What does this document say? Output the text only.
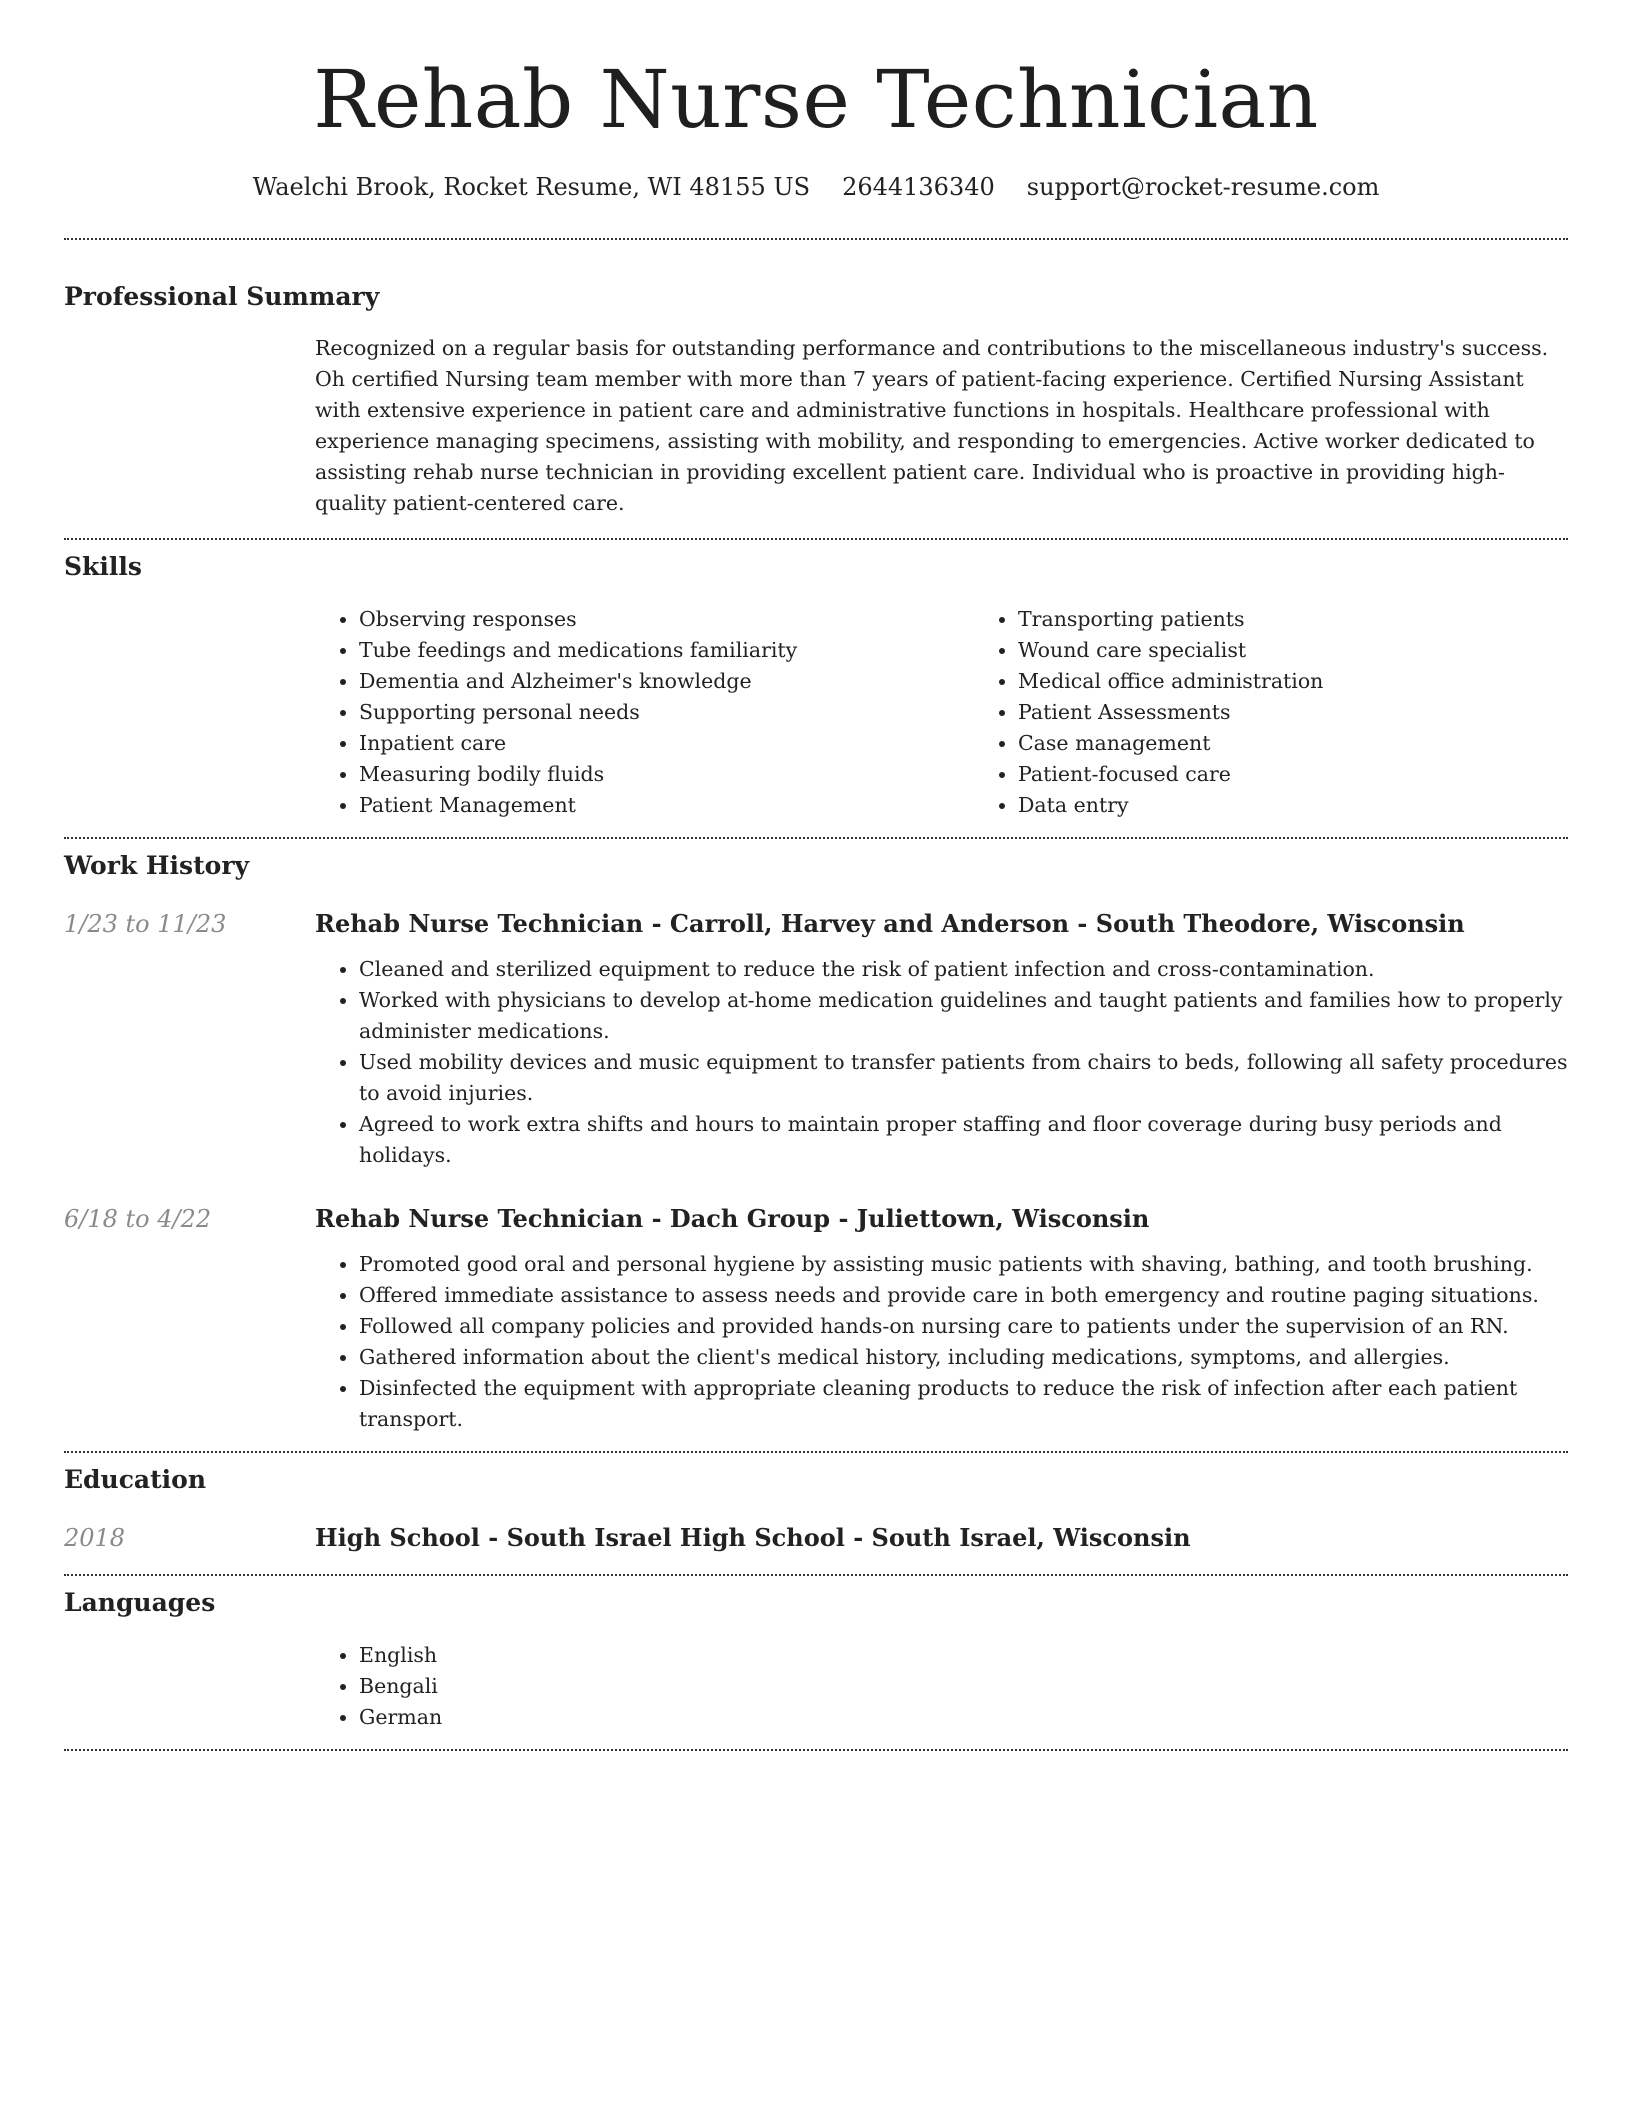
Rehab Nurse Technician
Waelchi Brook, Rocket Resume, WI 48155 US 2644136340 support@rocket-resume.com
Professional Summary

Recognized on a regular basis for outstanding performance and contributions to the miscellaneous industry's success. Oh certified Nursing team member with more than 7 years of patient-facing experience. Certified Nursing Assistant with extensive experience in patient care and administrative functions in hospitals. Healthcare professional with experience managing specimens, assisting with mobility, and responding to emergencies. Active worker dedicated to assisting rehab nurse technician in providing excellent patient care. Individual who is proactive in providing high-quality patient-centered care.

Skills
• Observing responses
• Tube feedings and medications familiarity
• Dementia and Alzheimer's knowledge
• Supporting personal needs
• Inpatient care
• Measuring bodily fluids
• Patient Management
• Transporting patients
• Wound care specialist
• Medical office administration
• Patient Assessments
• Case management
• Patient-focused care
• Data entry
Work History
1/23 to 11/23	Rehab Nurse Technician - Carroll, Harvey and Anderson - South Theodore, Wisconsin
• Cleaned and sterilized equipment to reduce the risk of patient infection and cross-contamination.
• Worked with physicians to develop at-home medication guidelines and taught patients and families how to properly administer medications.
• Used mobility devices and music equipment to transfer patients from chairs to beds, following all safety procedures to avoid injuries.
• Agreed to work extra shifts and hours to maintain proper staffing and floor coverage during busy periods and holidays.
6/18 to 4/22	Rehab Nurse Technician - Dach Group - Juliettown, Wisconsin
• Promoted good oral and personal hygiene by assisting music patients with shaving, bathing, and tooth brushing.
• Offered immediate assistance to assess needs and provide care in both emergency and routine paging situations.
• Followed all company policies and provided hands-on nursing care to patients under the supervision of an RN.
• Gathered information about the client's medical history, including medications, symptoms, and allergies.
• Disinfected the equipment with appropriate cleaning products to reduce the risk of infection after each patient transport.
Education
2018	High School - South Israel High School - South Israel, Wisconsin
Languages
• English
• Bengali
• German
